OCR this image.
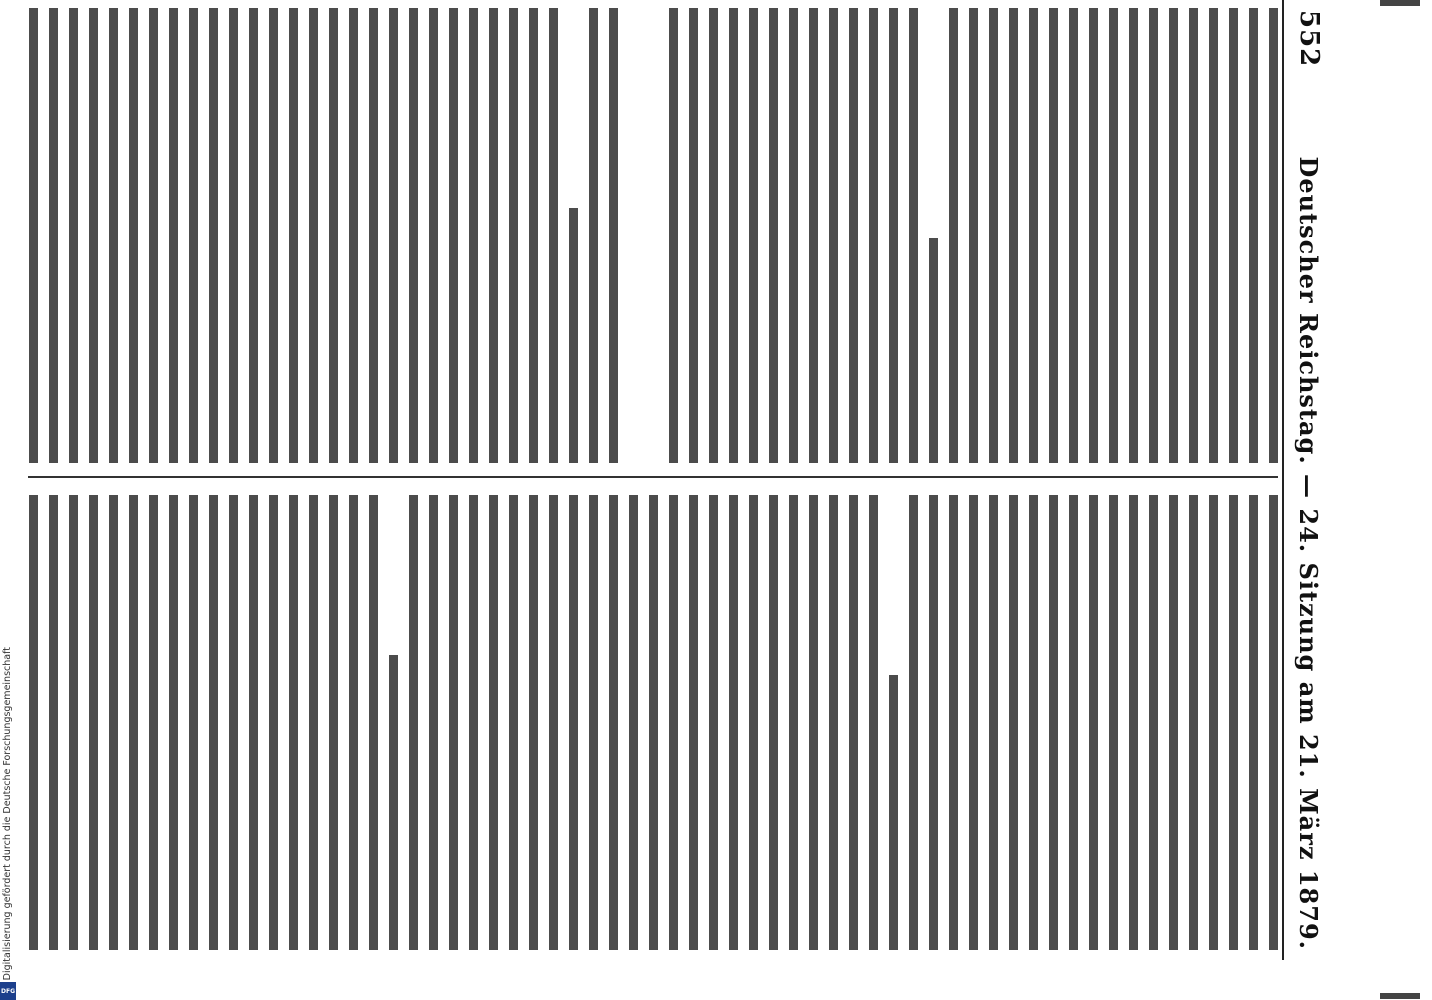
552
Deutscher Reichstag. — 24. Sitzung am 21. März 1879.
Digitalisierung gefördert durch die Deutsche Forschungsgemeinschaft
DFG
